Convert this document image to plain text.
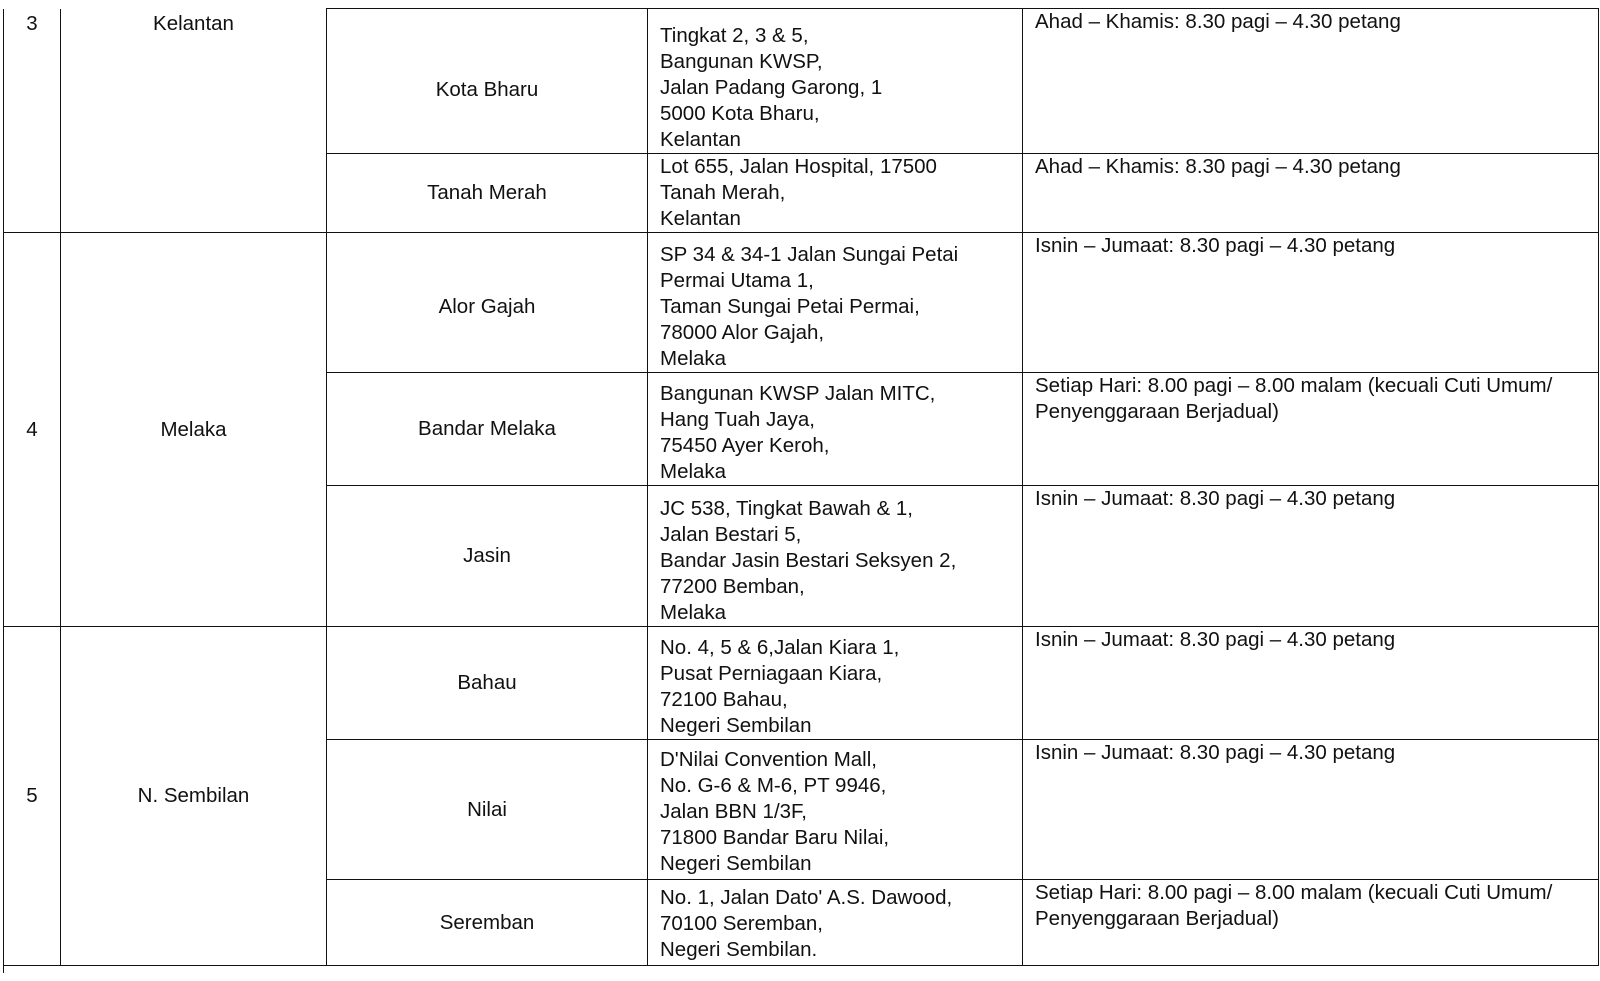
3	Kelantan	Kota Bharu	Tingkat 2, 3 & 5,
Bangunan KWSP,
Jalan Padang Garong, 1
5000 Kota Bharu,
Kelantan	Ahad – Khamis: 8.30 pagi – 4.30 petang

		Tanah Merah	Lot 655, Jalan Hospital, 17500
Tanah Merah,
Kelantan	Ahad – Khamis: 8.30 pagi – 4.30 petang

4	Melaka	Alor Gajah	SP 34 & 34-1 Jalan Sungai Petai
Permai Utama 1,
Taman Sungai Petai Permai,
78000 Alor Gajah,
Melaka	Isnin – Jumaat: 8.30 pagi – 4.30 petang

		Bandar Melaka	Bangunan KWSP Jalan MITC,
Hang Tuah Jaya,
75450 Ayer Keroh,
Melaka	Setiap Hari: 8.00 pagi – 8.00 malam (kecuali Cuti Umum/ Penyenggaraan Berjadual)

		Jasin	JC 538, Tingkat Bawah & 1,
Jalan Bestari 5,
Bandar Jasin Bestari Seksyen 2,
77200 Bemban,
Melaka	Isnin – Jumaat: 8.30 pagi – 4.30 petang

5	N. Sembilan	Bahau	No. 4, 5 & 6,Jalan Kiara 1,
Pusat Perniagaan Kiara,
72100 Bahau,
Negeri Sembilan	Isnin – Jumaat: 8.30 pagi – 4.30 petang

		Nilai	D'Nilai Convention Mall,
No. G-6 & M-6, PT 9946,
Jalan BBN 1/3F,
71800 Bandar Baru Nilai,
Negeri Sembilan	Isnin – Jumaat: 8.30 pagi – 4.30 petang

		Seremban	No. 1, Jalan Dato' A.S. Dawood,
70100 Seremban,
Negeri Sembilan.	Setiap Hari: 8.00 pagi – 8.00 malam (kecuali Cuti Umum/ Penyenggaraan Berjadual)
